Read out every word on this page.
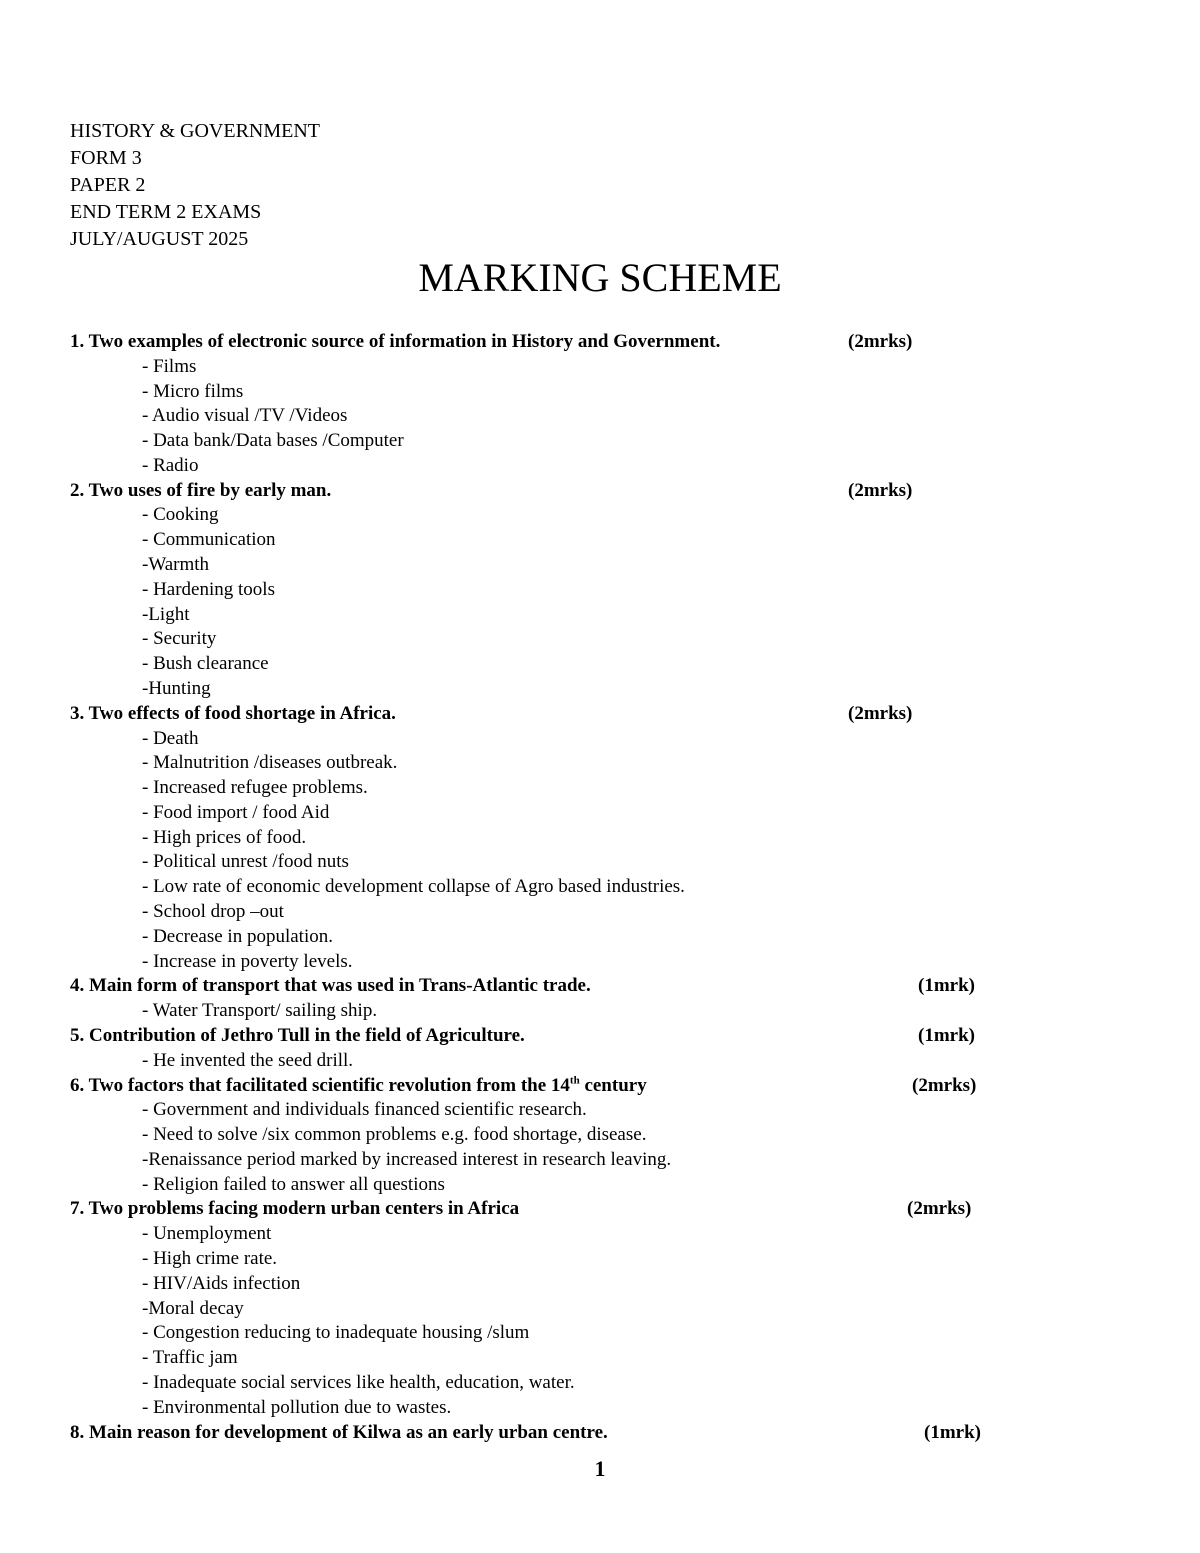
HISTORY & GOVERNMENT
FORM 3
PAPER 2
END TERM 2 EXAMS
JULY/AUGUST 2025
MARKING SCHEME
1. Two examples of electronic source of information in History and Government.	(2mrks)
- Films
- Micro films
- Audio visual /TV /Videos
- Data bank/Data bases /Computer
- Radio
2. Two uses of fire by early man.	(2mrks)
- Cooking
- Communication
-Warmth
- Hardening tools
-Light
- Security
- Bush clearance
-Hunting
3. Two effects of food shortage in Africa.	(2mrks)
- Death
- Malnutrition /diseases outbreak.
- Increased refugee problems.
- Food import / food Aid
- High prices of food.
- Political unrest /food nuts
- Low rate of economic development collapse of Agro based industries.
- School drop –out
- Decrease in population.
- Increase in poverty levels.
4. Main form of transport that was used in Trans-Atlantic trade.	(1mrk)
- Water Transport/ sailing ship.
5. Contribution of Jethro Tull in the field of Agriculture.	(1mrk)
- He invented the seed drill.
6. Two factors that facilitated scientific revolution from the 14th century	(2mrks)
- Government and individuals financed scientific research.
- Need to solve /six common problems e.g. food shortage, disease.
-Renaissance period marked by increased interest in research leaving.
- Religion failed to answer all questions
7. Two problems facing modern urban centers in Africa	(2mrks)
- Unemployment
- High crime rate.
- HIV/Aids infection
-Moral decay
- Congestion reducing to inadequate housing /slum
- Traffic jam
- Inadequate social services like health, education, water.
- Environmental pollution due to wastes.
8. Main reason for development of Kilwa as an early urban centre.	(1mrk)
1
